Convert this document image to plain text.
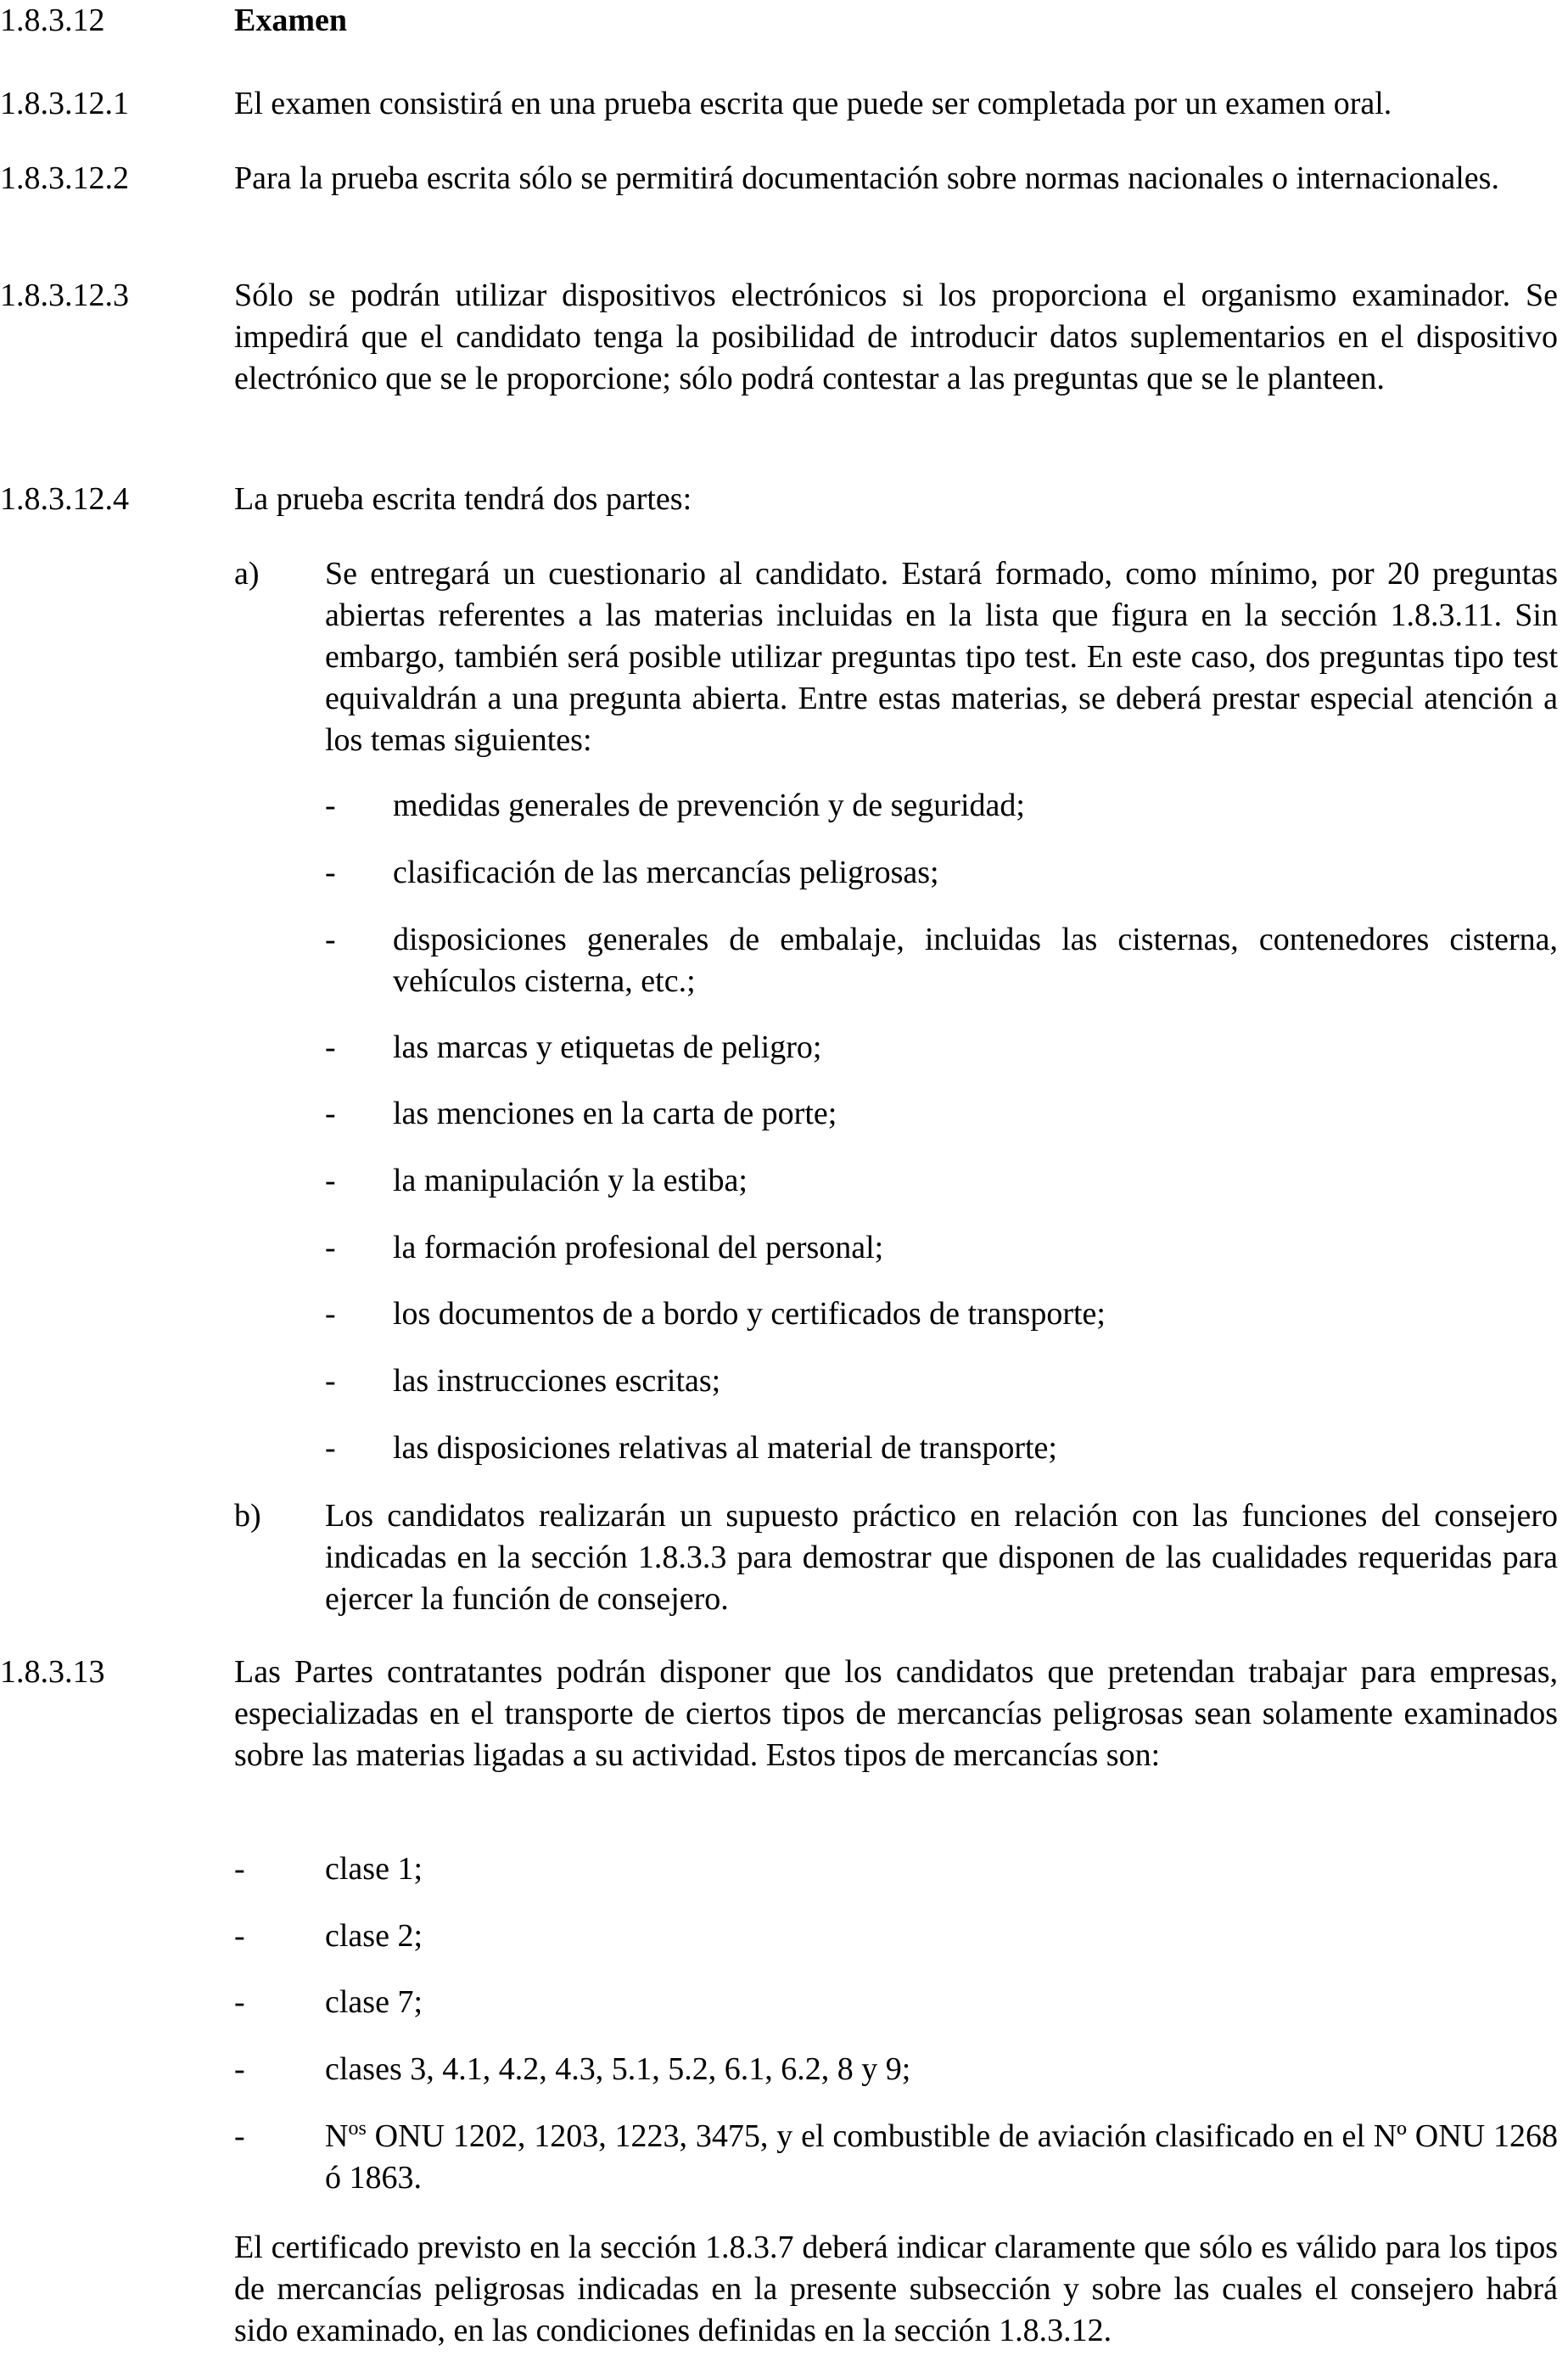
1.8.3.12	Examen
1.8.3.12.1	El examen consistirá en una prueba escrita que puede ser completada por un examen oral.
1.8.3.12.2	Para la prueba escrita sólo se permitirá documentación sobre normas nacionales o internacionales.
1.8.3.12.3	Sólo se podrán utilizar dispositivos electrónicos si los proporciona el organismo examinador. Se impedirá que el candidato tenga la posibilidad de introducir datos suplementarios en el dispositivo electrónico que se le proporcione; sólo podrá contestar a las preguntas que se le planteen.
1.8.3.12.4	La prueba escrita tendrá dos partes:
a) Se entregará un cuestionario al candidato. Estará formado, como mínimo, por 20 preguntas abiertas referentes a las materias incluidas en la lista que figura en la sección 1.8.3.11. Sin embargo, también será posible utilizar preguntas tipo test. En este caso, dos preguntas tipo test equivaldrán a una pregunta abierta. Entre estas materias, se deberá prestar especial atención a los temas siguientes:
- medidas generales de prevención y de seguridad;
- clasificación de las mercancías peligrosas;
- disposiciones generales de embalaje, incluidas las cisternas, contenedores cisterna, vehículos cisterna, etc.;
- las marcas y etiquetas de peligro;
- las menciones en la carta de porte;
- la manipulación y la estiba;
- la formación profesional del personal;
- los documentos de a bordo y certificados de transporte;
- las instrucciones escritas;
- las disposiciones relativas al material de transporte;
b) Los candidatos realizarán un supuesto práctico en relación con las funciones del consejero indicadas en la sección 1.8.3.3 para demostrar que disponen de las cualidades requeridas para ejercer la función de consejero.
1.8.3.13	Las Partes contratantes podrán disponer que los candidatos que pretendan trabajar para empresas, especializadas en el transporte de ciertos tipos de mercancías peligrosas sean solamente examinados sobre las materias ligadas a su actividad. Estos tipos de mercancías son:
- clase 1;
- clase 2;
- clase 7;
- clases 3, 4.1, 4.2, 4.3, 5.1, 5.2, 6.1, 6.2, 8 y 9;
- $N^{os}$ ONU 1202, 1203, 1223, 3475, y el combustible de aviación clasificado en el Nº ONU 1268 ó 1863.
El certificado previsto en la sección 1.8.3.7 deberá indicar claramente que sólo es válido para los tipos de mercancías peligrosas indicadas en la presente subsección y sobre las cuales el consejero habrá sido examinado, en las condiciones definidas en la sección 1.8.3.12.
